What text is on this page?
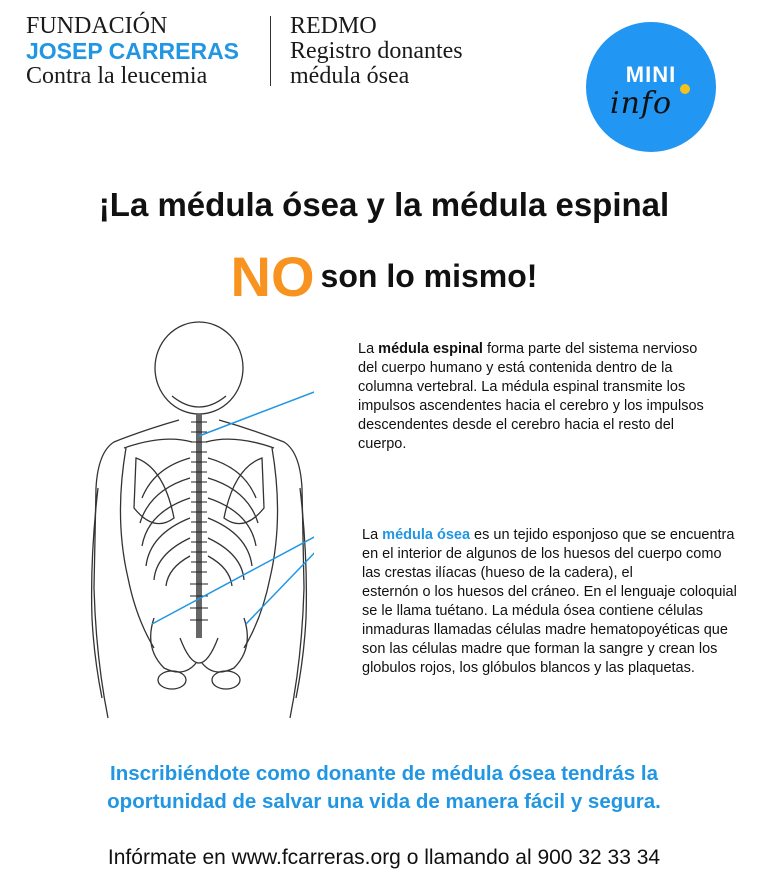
FUNDACIÓN
JOSEP CARRERAS
Contra la leucemia
REDMO
Registro donantes
médula ósea	MINI
info
¡La médula ósea y la médula espinal
NO son lo mismo!

La médula espinal forma parte del sistema nervioso del cuerpo humano y está contenida dentro de la columna vertebral. La médula espinal transmite los impulsos ascendentes hacia el cerebro y los impulsos descendentes desde el cerebro hacia el resto del cuerpo.

La médula ósea es un tejido esponjoso que se encuentra en el interior de algunos de los huesos del cuerpo como las crestas ilíacas (hueso de la cadera), el
esternón o los huesos del cráneo. En el lenguaje coloquial se le llama tuétano. La médula ósea contiene células inmaduras llamadas células madre hematopoyéticas que son las células madre que forman la sangre y crean los globulos rojos, los glóbulos blancos y las plaquetas.

Inscribiéndote como donante de médula ósea tendrás la
oportunidad de salvar una vida de manera fácil y segura.

Infórmate en www.fcarreras.org o llamando al 900 32 33 34
